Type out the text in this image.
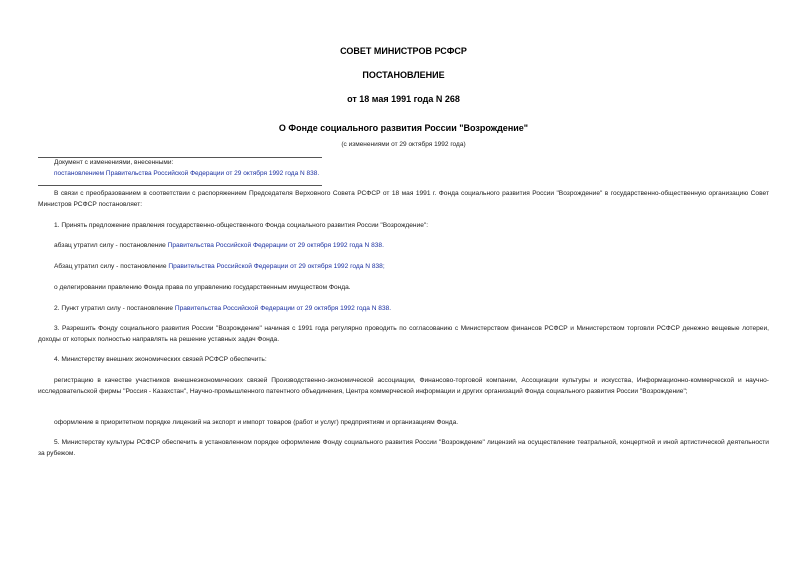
СОВЕТ МИНИСТРОВ РСФСР
ПОСТАНОВЛЕНИЕ
от 18 мая 1991 года N 268
О Фонде социального развития России "Возрождение"
(с изменениями от 29 октября 1992 года)
Документ с изменениями, внесенными:
постановлением Правительства Российской Федерации от 29 октября 1992 года N 838.

В связи с преобразованием в соответствии с распоряжением Председателя Верховного Совета РСФСР от 18 мая 1991 г. Фонда социального развития России "Возрождение" в государственно-общественную организацию Совет Министров РСФСР постановляет:

1. Принять предложение правления государственно-общественного Фонда социального развития России "Возрождение":

абзац утратил силу - постановление Правительства Российской Федерации от 29 октября 1992 года N 838.

Абзац утратил силу - постановление Правительства Российской Федерации от 29 октября 1992 года N 838;

о делегировании правлению Фонда права по управлению государственным имуществом Фонда.

2. Пункт утратил силу - постановление Правительства Российской Федерации от 29 октября 1992 года N 838.

3. Разрешить Фонду социального развития России "Возрождение" начиная с 1991 года регулярно проводить по согласованию с Министерством финансов РСФСР и Министерством торговли РСФСР денежно вещевые лотереи, доходы от которых полностью направлять на решение уставных задач Фонда.

4. Министерству внешних экономических связей РСФСР обеспечить:

регистрацию в качестве участников внешнеэкономических связей Производственно-экономической ассоциации, Финансово-торговой компании, Ассоциации культуры и искусства, Информационно-коммерческой и научно-исследовательской фирмы "Россия - Казахстан", Научно-промышленного патентного объединения, Центра коммерческой информации и других организаций Фонда социального развития России "Возрождение";

оформление в приоритетном порядке лицензий на экспорт и импорт товаров (работ и услуг) предприятиям и организациям Фонда.

5. Министерству культуры РСФСР обеспечить в установленном порядке оформление Фонду социального развития России "Возрождение" лицензий на осуществление театральной, концертной и иной артистической деятельности за рубежом.
